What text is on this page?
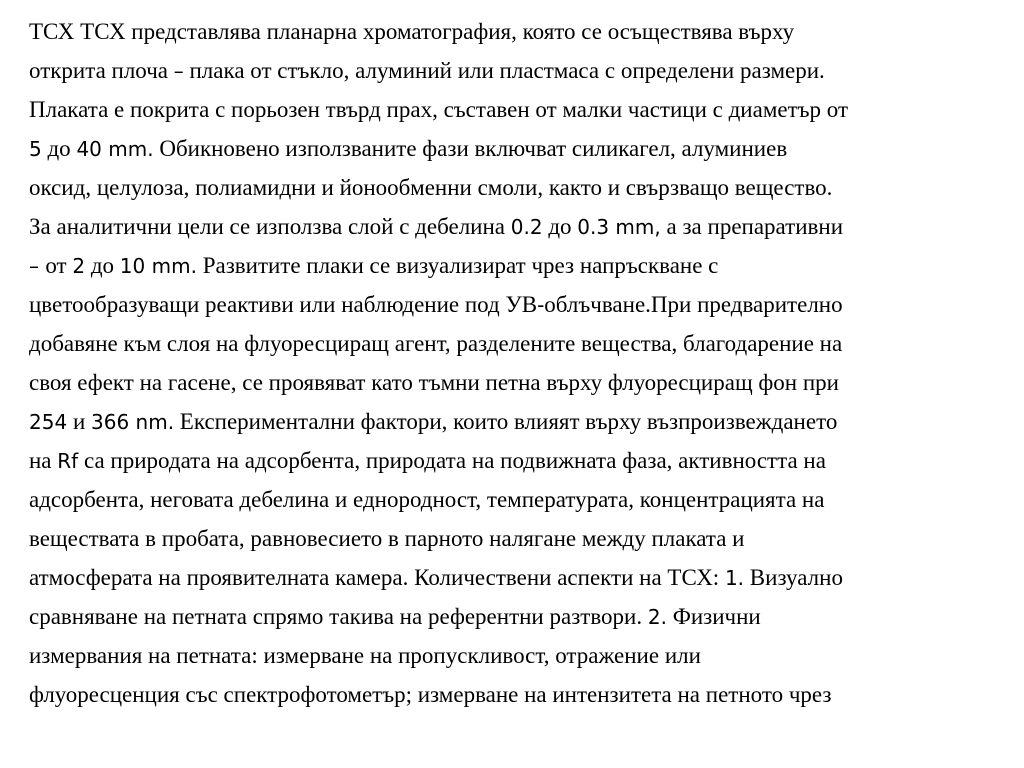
ТСХ ТСХ представлява планарна хроматография, която се осъществява върху
открита плоча – плака от стъкло, алуминий или пластмаса с определени размери.
Плаката е покрита с порьозен твърд прах, съставен от малки частици с диаметър от
5 до 40 mm. Обикновено използваните фази включват силикагел, алуминиев
оксид, целулоза, полиамидни и йонообменни смоли, както и свързващо вещество.
За аналитични цели се използва слой с дебелина 0.2 до 0.3 mm, а за препаративни
– от 2 до 10 mm. Развитите плаки се визуализират чрез напръскване с
цветообразуващи реактиви или наблюдение под УВ-облъчване.При предварително
добавяне към слоя на флуоресциращ агент, разделените вещества, благодарение на
своя ефект на гасене, се проявяват като тъмни петна върху флуоресциращ фон при
254 и 366 nm. Експериментални фактори, които влияят върху възпроизвеждането
на Rf са природата на адсорбента, природата на подвижната фаза, активността на
адсорбента, неговата дебелина и еднородност, температурата, концентрацията на
веществата в пробата, равновесието в парното налягане между плаката и
атмосферата на проявителната камера. Количествени аспекти на ТСХ: 1. Визуално
сравняване на петната спрямо такива на референтни разтвори. 2. Физични
измервания на петната: измерване на пропускливост, отражение или
флуоресценция със спектрофотометър; измерване на интензитета на петното чрез
